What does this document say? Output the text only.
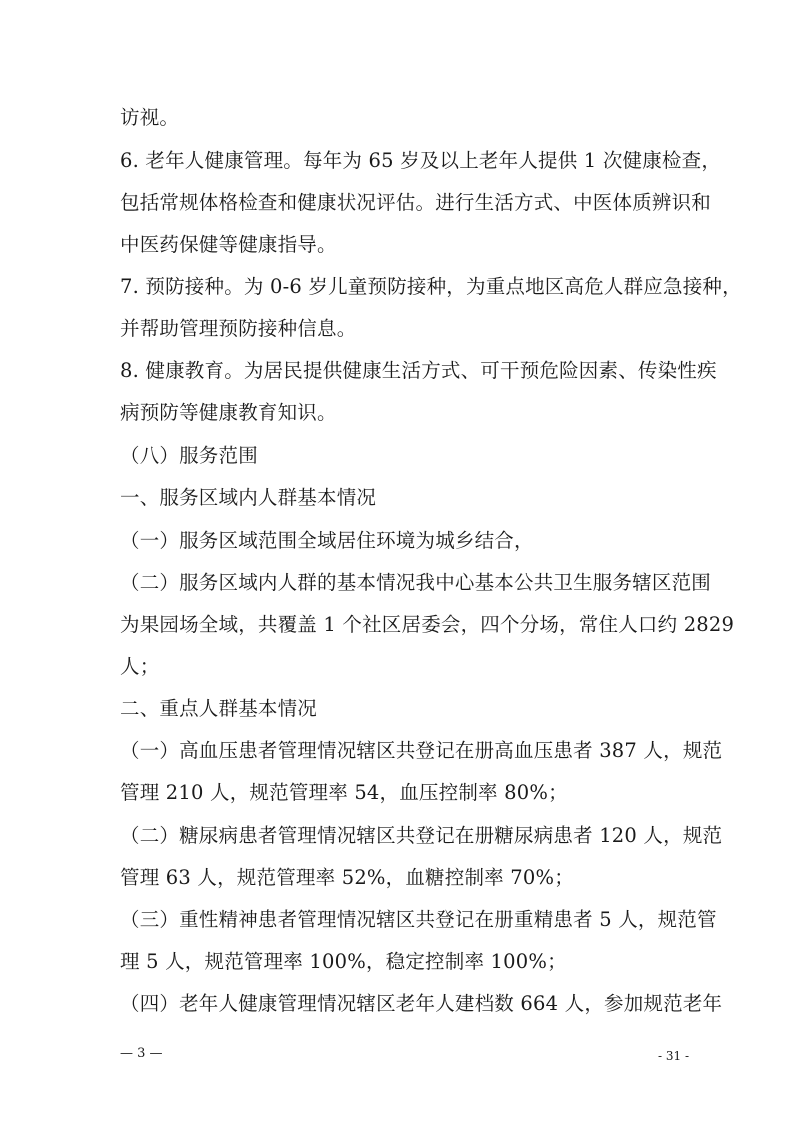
访视。
6. 老年人健康管理。每年为 65 岁及以上老年人提供 1 次健康检查，
包括常规体格检查和健康状况评估。进行生活方式、中医体质辨识和
中医药保健等健康指导。
7. 预防接种。为 0-6 岁儿童预防接种，为重点地区高危人群应急接种，
并帮助管理预防接种信息。
8. 健康教育。为居民提供健康生活方式、可干预危险因素、传染性疾
病预防等健康教育知识。
（八）服务范围
一、服务区域内人群基本情况
（一）服务区域范围全域居住环境为城乡结合，
（二）服务区域内人群的基本情况我中心基本公共卫生服务辖区范围
为果园场全域，共覆盖 1 个社区居委会，四个分场，常住人口约 2829
人；
二、重点人群基本情况
（一）高血压患者管理情况辖区共登记在册高血压患者 387 人，规范
管理 210 人，规范管理率 54，血压控制率 80%；
（二）糖尿病患者管理情况辖区共登记在册糖尿病患者 120 人，规范
管理 63 人，规范管理率 52%，血糖控制率 70%；
（三）重性精神患者管理情况辖区共登记在册重精患者 5 人，规范管
理 5 人，规范管理率 100%，稳定控制率 100%；
（四）老年人健康管理情况辖区老年人建档数 664 人，参加规范老年
— 3 —	- 31 -
